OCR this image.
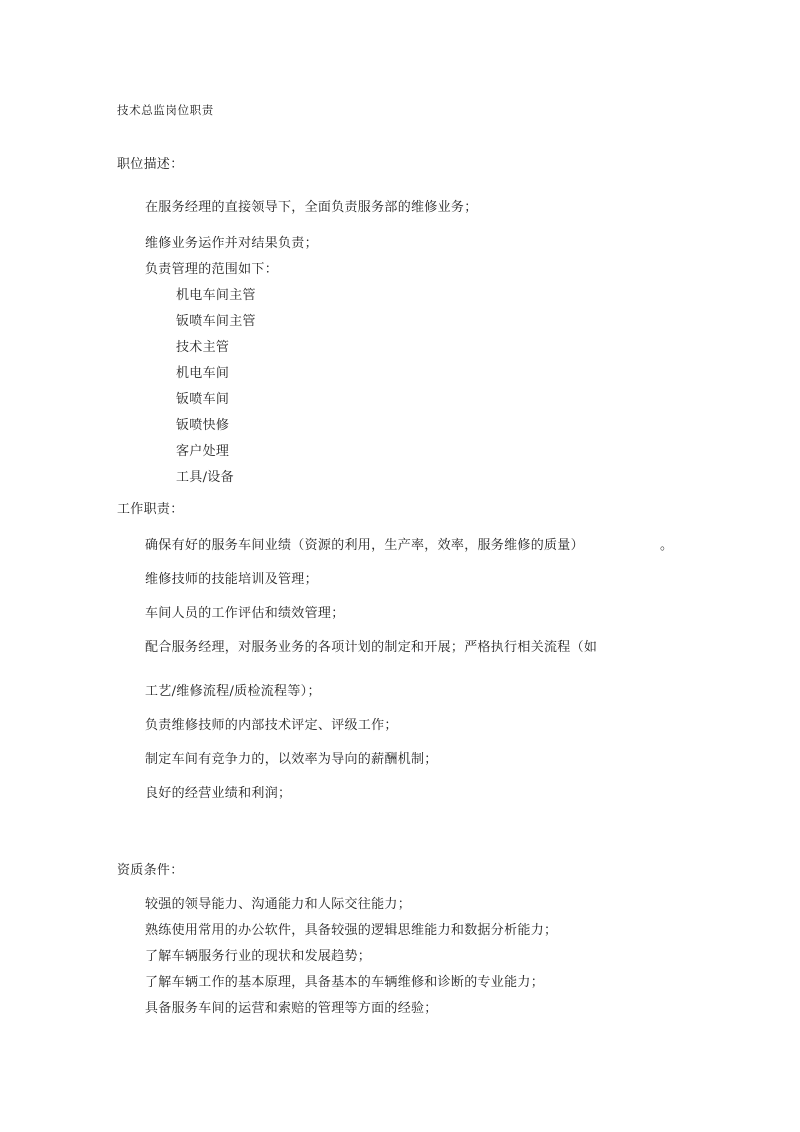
技术总监岗位职责
职位描述：
在服务经理的直接领导下，全面负责服务部的维修业务；
维修业务运作并对结果负责；
负责管理的范围如下：
机电车间主管
钣喷车间主管
技术主管
机电车间
钣喷车间
钣喷快修
客户处理
工具/设备
工作职责：
确保有好的服务车间业绩（资源的利用，生产率，效率，服务维修的质量）	。
维修技师的技能培训及管理；
车间人员的工作评估和绩效管理；
配合服务经理，对服务业务的各项计划的制定和开展；严格执行相关流程（如
工艺/维修流程/质检流程等）；
负责维修技师的内部技术评定、评级工作；
制定车间有竞争力的，以效率为导向的薪酬机制；
良好的经营业绩和利润；
资质条件：
较强的领导能力、沟通能力和人际交往能力；
熟练使用常用的办公软件，具备较强的逻辑思维能力和数据分析能力；
了解车辆服务行业的现状和发展趋势；
了解车辆工作的基本原理，具备基本的车辆维修和诊断的专业能力；
具备服务车间的运营和索赔的管理等方面的经验；
